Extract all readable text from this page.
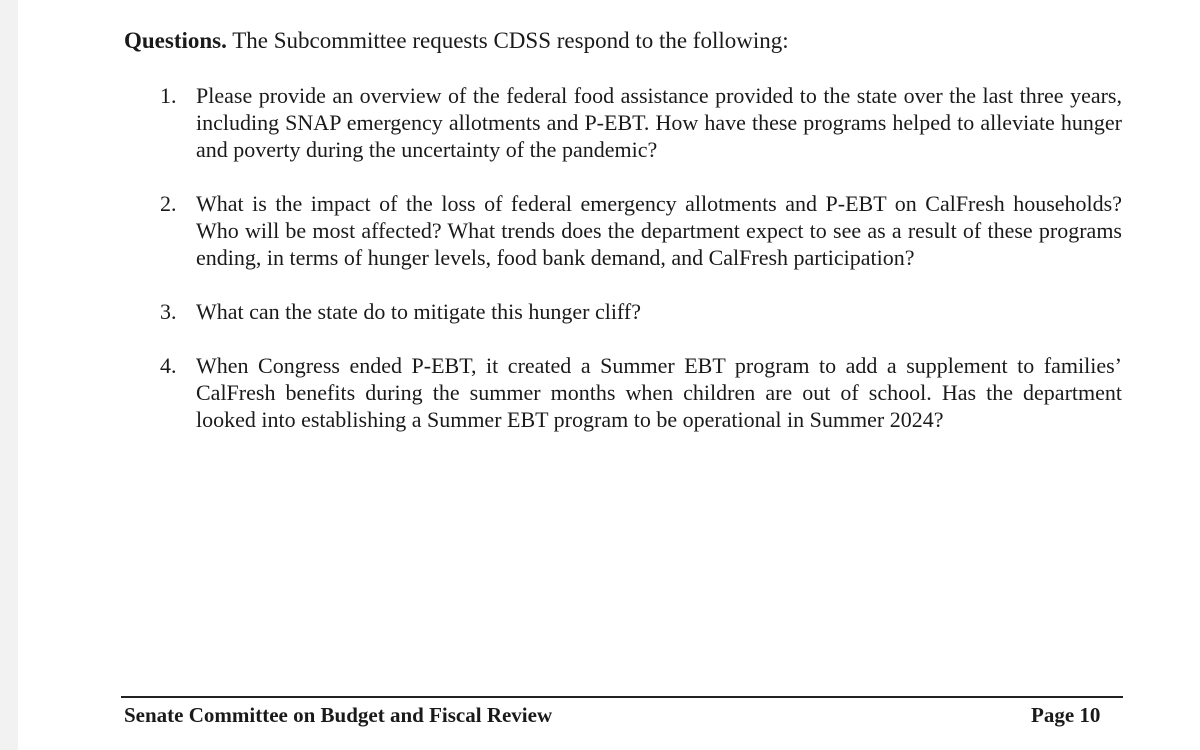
Questions. The Subcommittee requests CDSS respond to the following:
1. Please provide an overview of the federal food assistance provided to the state over the last three years, including SNAP emergency allotments and P-EBT. How have these programs helped to alleviate hunger and poverty during the uncertainty of the pandemic?
2. What is the impact of the loss of federal emergency allotments and P-EBT on CalFresh households? Who will be most affected? What trends does the department expect to see as a result of these programs ending, in terms of hunger levels, food bank demand, and CalFresh participation?
3. What can the state do to mitigate this hunger cliff?
4. When Congress ended P-EBT, it created a Summer EBT program to add a supplement to families’ CalFresh benefits during the summer months when children are out of school. Has the department looked into establishing a Summer EBT program to be operational in Summer 2024?
Senate Committee on Budget and Fiscal Review	Page 10
